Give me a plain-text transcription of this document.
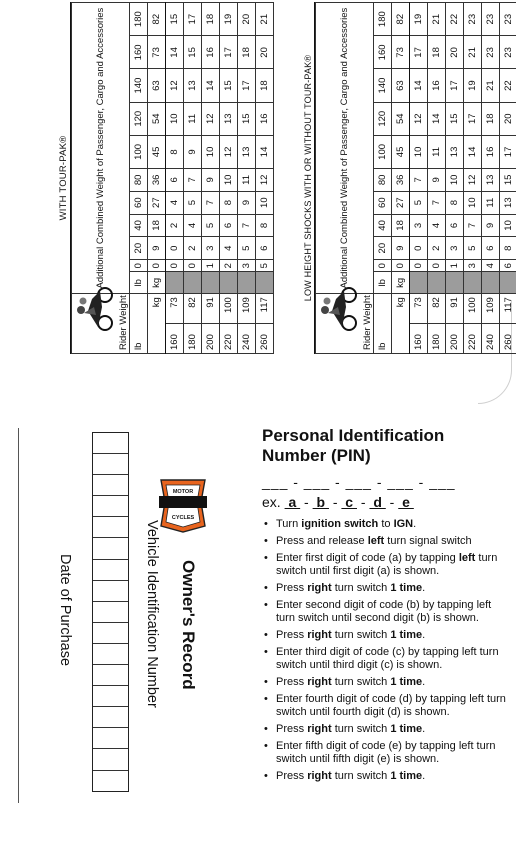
WITH TOUR-PAK®
Rider Weight		Additional Combined Weight of Passenger, Cargo and Accessories										
lb		lb	0	20	40	60	80	100	120	140	160	180
kg		kg	0	9	18	27	36	45	54	63	73	82
160	73		0	0	2	4	6	8	10	12	14	15
180	82		0	2	4	5	7	9	11	13	15	17
200	91		1	3	5	7	9	10	12	14	16	18
220	100		2	4	6	8	10	12	13	15	17	19
240	109		3	5	7	9	11	13	15	17	18	20
260	117		5	6	8	10	12	14	16	18	20	21
LOW HEIGHT SHOCKS WITH OR WITHOUT TOUR-PAK®
Rider Weight		Additional Combined Weight of Passenger, Cargo and Accessories										
lb		lb	0	20	40	60	80	100	120	140	160	180
kg		kg	0	9	18	27	36	45	54	63	73	82
160	73		0	0	3	5	7	10	12	14	17	19
180	82		0	2	4	7	9	11	14	16	18	21
200	91		1	3	6	8	10	13	15	17	20	22
220	100		3	5	7	10	12	14	17	19	21	23
240	109		4	6	9	11	13	16	18	21	23	23
260	117		6	8	10	13	15	17	20	22	23	23
Owner's Record
Vehicle Identification Number
Date of Purchase
MOTOR
CYCLES
Personal Identification Number (PIN)
___ - ___ - ___ - ___ - ___
ex.  a  -  b  -  c  -  d  -  e
• Turn ignition switch to IGN.
• Press and release left turn signal switch
• Enter first digit of code (a) by tapping left turn switch until first digit (a) is shown.
• Press right turn switch 1 time.
• Enter second digit of code (b) by tapping left turn switch until second digit (b) is shown.
• Press right turn switch 1 time.
• Enter third digit of code (c) by tapping left turn switch until third digit (c) is shown.
• Press right turn switch 1 time.
• Enter fourth digit of code (d) by tapping left turn switch until fourth digit (d) is shown.
• Press right turn switch 1 time.
• Enter fifth digit of code (e) by tapping left turn switch until fifth digit (e) is shown.
• Press right turn switch 1 time.
